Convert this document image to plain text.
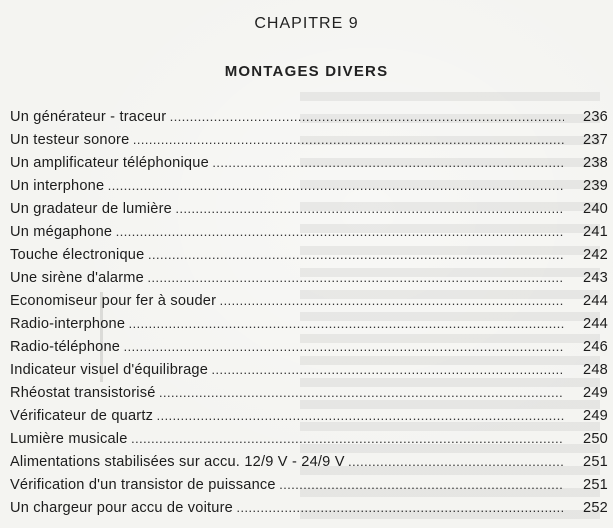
CHAPITRE 9
MONTAGES DIVERS
Un générateur - traceur . . .	236
Un testeur sonore . . .	237
Un amplificateur téléphonique . . .	238
Un interphone . . .	239
Un gradateur de lumière . . .	240
Un mégaphone . . .	241
Touche électronique . . .	242
Une sirène d'alarme . . .	243
Economiseur pour fer à souder . . .	244
Radio-interphone . . .	244
Radio-téléphone . . .	246
Indicateur visuel d'équilibrage . . .	248
Rhéostat transistorisé . . .	249
Vérificateur de quartz . . .	249
Lumière musicale . . .	250
Alimentations stabilisées sur accu. 12/9 V - 24/9 V . . .	251
Vérification d'un transistor de puissance . . .	251
Un chargeur pour accu de voiture . . .	252
